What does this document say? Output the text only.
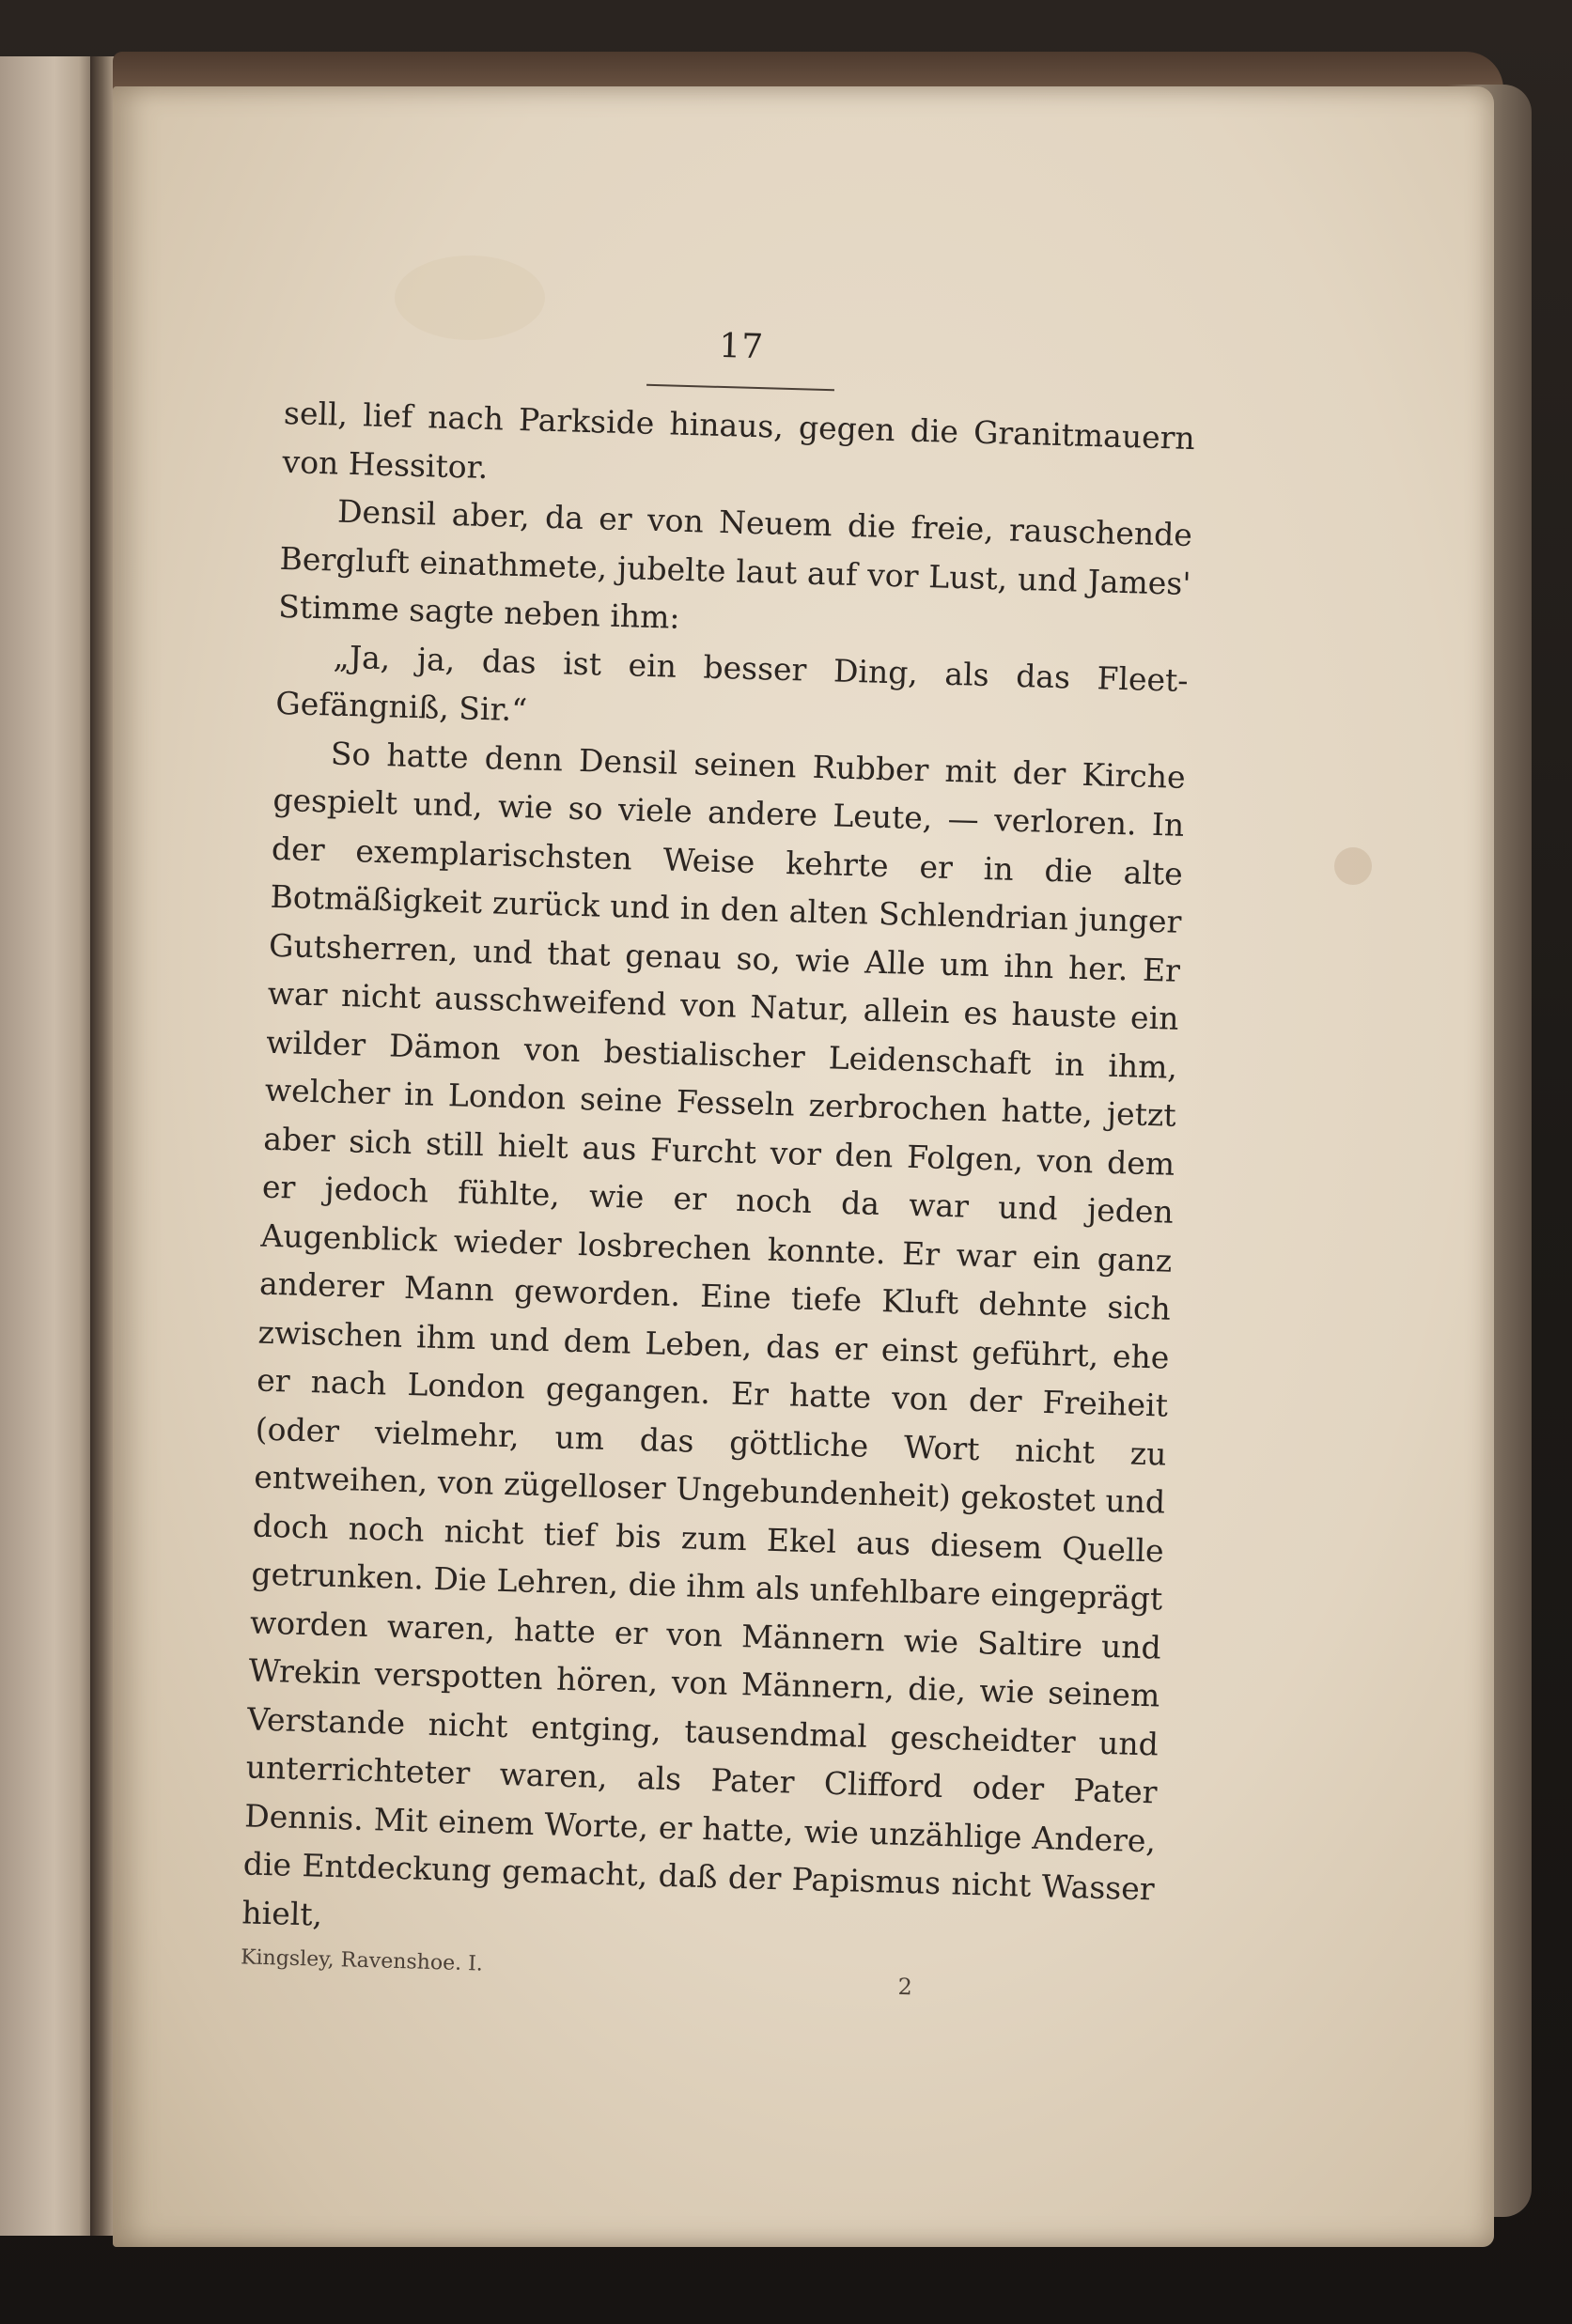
17

sell, lief nach Parkside hinaus, gegen die Granitmauern von Hessitor.

Densil aber, da er von Neuem die freie, rauschende Bergluft einathmete, jubelte laut auf vor Lust, und James' Stimme sagte neben ihm:

„Ja, ja, das ist ein besser Ding, als das Fleet-Gefängniß, Sir.“

So hatte denn Densil seinen Rubber mit der Kirche gespielt und, wie so viele andere Leute, — verloren. In der exemplarischsten Weise kehrte er in die alte Botmäßigkeit zurück und in den alten Schlendrian junger Gutsherren, und that genau so, wie Alle um ihn her. Er war nicht ausschweifend von Natur, allein es hauste ein wilder Dämon von bestialischer Leidenschaft in ihm, welcher in London seine Fesseln zerbrochen hatte, jetzt aber sich still hielt aus Furcht vor den Folgen, von dem er jedoch fühlte, wie er noch da war und jeden Augenblick wieder losbrechen konnte. Er war ein ganz anderer Mann geworden. Eine tiefe Kluft dehnte sich zwischen ihm und dem Leben, das er einst geführt, ehe er nach London gegangen. Er hatte von der Freiheit (oder vielmehr, um das göttliche Wort nicht zu entweihen, von zügelloser Ungebundenheit) gekostet und doch noch nicht tief bis zum Ekel aus diesem Quelle getrunken. Die Lehren, die ihm als unfehlbare eingeprägt worden waren, hatte er von Männern wie Saltire und Wrekin verspotten hören, von Männern, die, wie seinem Verstande nicht entging, tausendmal gescheidter und unterrichteter waren, als Pater Clifford oder Pater Dennis. Mit einem Worte, er hatte, wie unzählige Andere, die Entdeckung gemacht, daß der Papismus nicht Wasser hielt,

Kingsley, Ravenshoe. I.
2
